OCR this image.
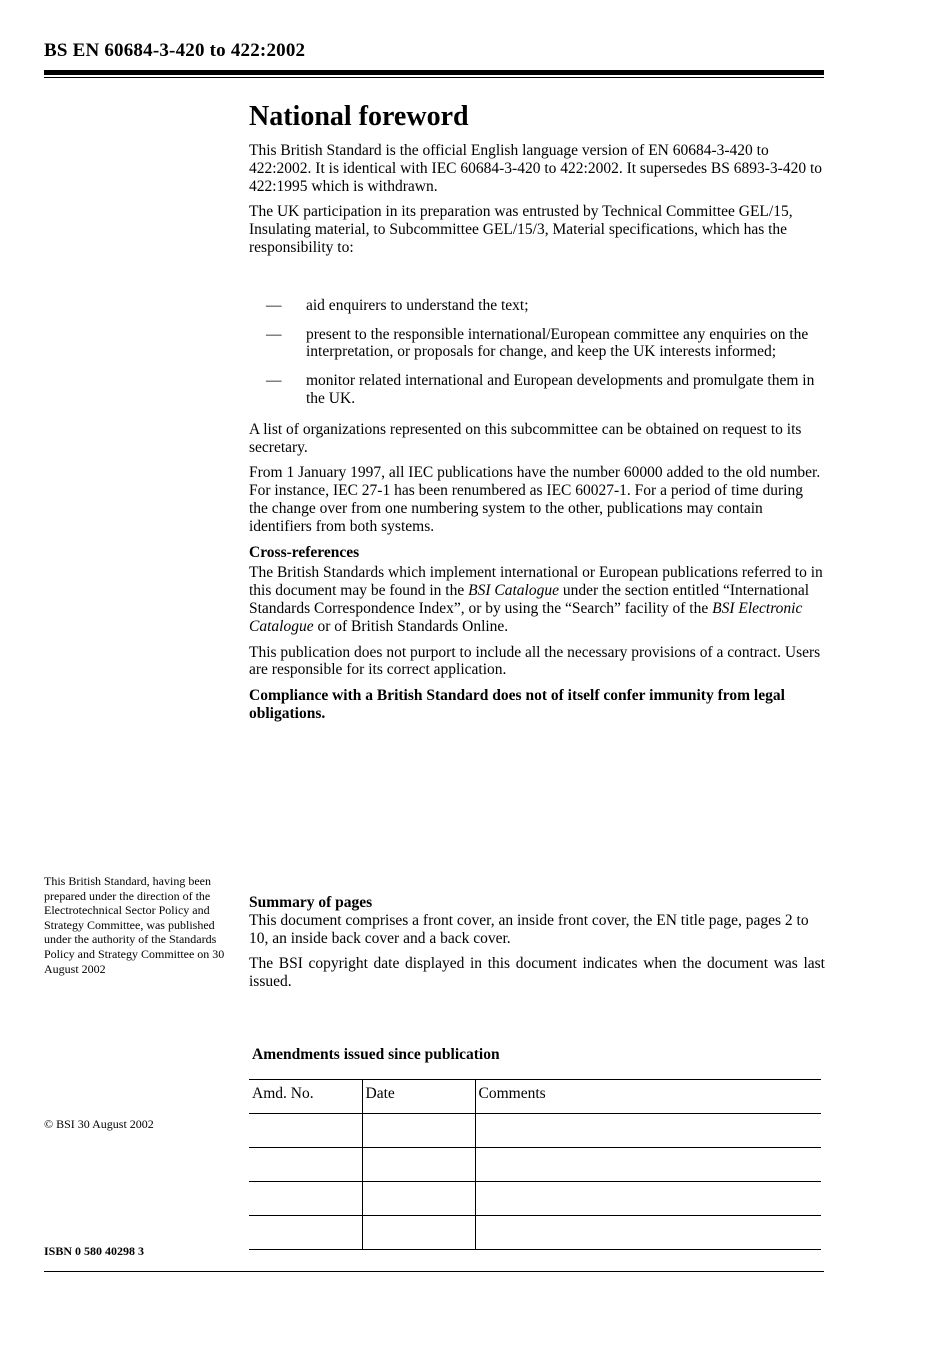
BS EN 60684-3-420 to 422:2002
National foreword

This British Standard is the official English language version of EN 60684-3-420 to 422:2002. It is identical with IEC 60684-3-420 to 422:2002. It supersedes BS 6893-3-420 to 422:1995 which is withdrawn.

The UK participation in its preparation was entrusted by Technical Committee GEL/15, Insulating material, to Subcommittee GEL/15/3, Material specifications, which has the responsibility to:

— aid enquirers to understand the text;
— present to the responsible international/European committee any enquiries on the interpretation, or proposals for change, and keep the UK interests informed;
— monitor related international and European developments and promulgate them in the UK.

A list of organizations represented on this subcommittee can be obtained on request to its secretary.

From 1 January 1997, all IEC publications have the number 60000 added to the old number. For instance, IEC 27-1 has been renumbered as IEC 60027-1. For a period of time during the change over from one numbering system to the other, publications may contain identifiers from both systems.

Cross-references

The British Standards which implement international or European publications referred to in this document may be found in the BSI Catalogue under the section entitled “International Standards Correspondence Index”, or by using the “Search” facility of the BSI Electronic Catalogue or of British Standards Online.

This publication does not purport to include all the necessary provisions of a contract. Users are responsible for its correct application.

Compliance with a British Standard does not of itself confer immunity from legal obligations.

This British Standard, having been prepared under the direction of the Electrotechnical Sector Policy and Strategy Committee, was published under the authority of the Standards Policy and Strategy Committee on 30 August 2002
© BSI 30 August 2002
ISBN 0 580 40298 3

Summary of pages

This document comprises a front cover, an inside front cover, the EN title page, pages 2 to 10, an inside back cover and a back cover.

The BSI copyright date displayed in this document indicates when the document was last issued.

Amendments issued since publication
Amd. No.	Date	Comments
